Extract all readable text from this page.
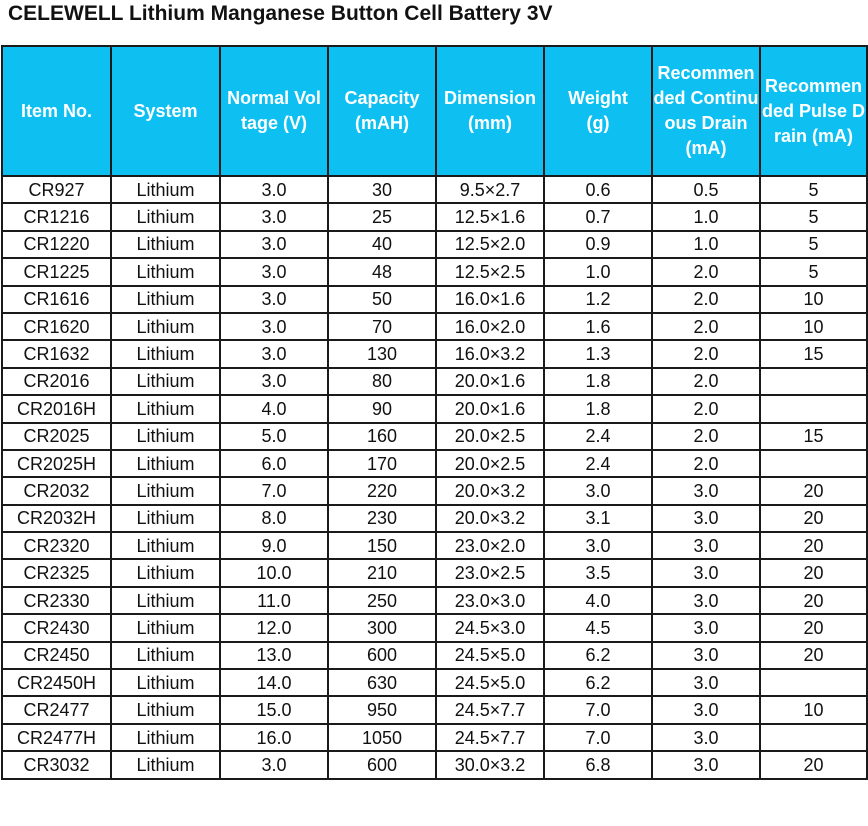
CELEWELL Lithium Manganese Button Cell Battery 3V
Item No.	System	Normal Voltage (V)	Capacity (mAH)	Dimension(mm)	Weight (g)	Recommended Continuous Drain (mA)	Recommended Pulse Drain (mA)
CR927	Lithium	3.0	30	9.5×2.7	0.6	0.5	5
CR1216	Lithium	3.0	25	12.5×1.6	0.7	1.0	5
CR1220	Lithium	3.0	40	12.5×2.0	0.9	1.0	5
CR1225	Lithium	3.0	48	12.5×2.5	1.0	2.0	5
CR1616	Lithium	3.0	50	16.0×1.6	1.2	2.0	10
CR1620	Lithium	3.0	70	16.0×2.0	1.6	2.0	10
CR1632	Lithium	3.0	130	16.0×3.2	1.3	2.0	15
CR2016	Lithium	3.0	80	20.0×1.6	1.8	2.0	
CR2016H	Lithium	4.0	90	20.0×1.6	1.8	2.0	
CR2025	Lithium	5.0	160	20.0×2.5	2.4	2.0	15
CR2025H	Lithium	6.0	170	20.0×2.5	2.4	2.0	
CR2032	Lithium	7.0	220	20.0×3.2	3.0	3.0	20
CR2032H	Lithium	8.0	230	20.0×3.2	3.1	3.0	20
CR2320	Lithium	9.0	150	23.0×2.0	3.0	3.0	20
CR2325	Lithium	10.0	210	23.0×2.5	3.5	3.0	20
CR2330	Lithium	11.0	250	23.0×3.0	4.0	3.0	20
CR2430	Lithium	12.0	300	24.5×3.0	4.5	3.0	20
CR2450	Lithium	13.0	600	24.5×5.0	6.2	3.0	20
CR2450H	Lithium	14.0	630	24.5×5.0	6.2	3.0	
CR2477	Lithium	15.0	950	24.5×7.7	7.0	3.0	10
CR2477H	Lithium	16.0	1050	24.5×7.7	7.0	3.0	
CR3032	Lithium	3.0	600	30.0×3.2	6.8	3.0	20
